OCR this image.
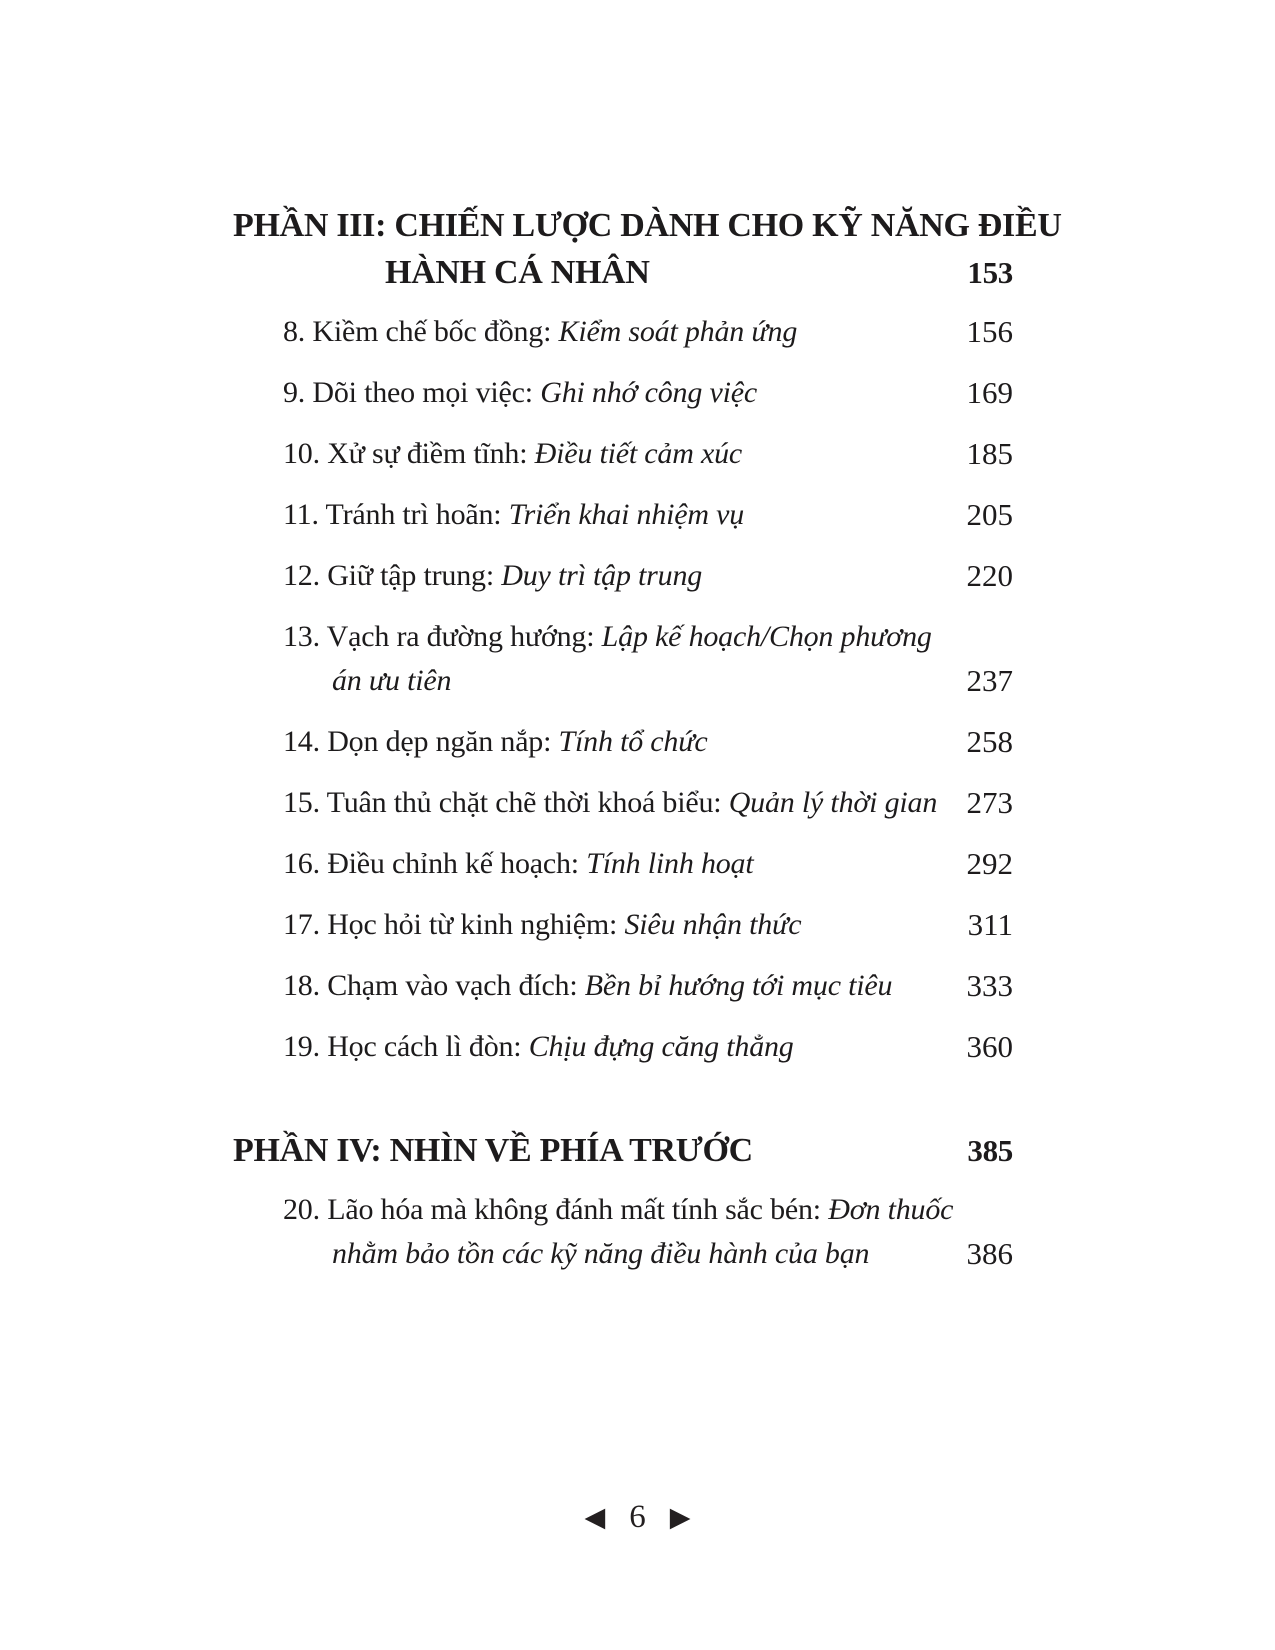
PHẦN III: CHIẾN LƯỢC DÀNH CHO KỸ NĂNG ĐIỀU
HÀNH CÁ NHÂN	153
8. Kiềm chế bốc đồng: Kiểm soát phản ứng	156
9. Dõi theo mọi việc: Ghi nhớ công việc	169
10. Xử sự điềm tĩnh: Điều tiết cảm xúc	185
11. Tránh trì hoãn: Triển khai nhiệm vụ	205
12. Giữ tập trung: Duy trì tập trung	220
13. Vạch ra đường hướng: Lập kế hoạch/Chọn phương
án ưu tiên	237
14. Dọn dẹp ngăn nắp: Tính tổ chức	258
15. Tuân thủ chặt chẽ thời khoá biểu: Quản lý thời gian 273
16. Điều chỉnh kế hoạch: Tính linh hoạt	292
17. Học hỏi từ kinh nghiệm: Siêu nhận thức	311
18. Chạm vào vạch đích: Bền bỉ hướng tới mục tiêu 333
19. Học cách lì đòn: Chịu đựng căng thẳng	360
PHẦN IV: NHÌN VỀ PHÍA TRƯỚC	385
20. Lão hóa mà không đánh mất tính sắc bén: Đơn thuốc
nhằm bảo tồn các kỹ năng điều hành của bạn	386
◀ 6 ▶
